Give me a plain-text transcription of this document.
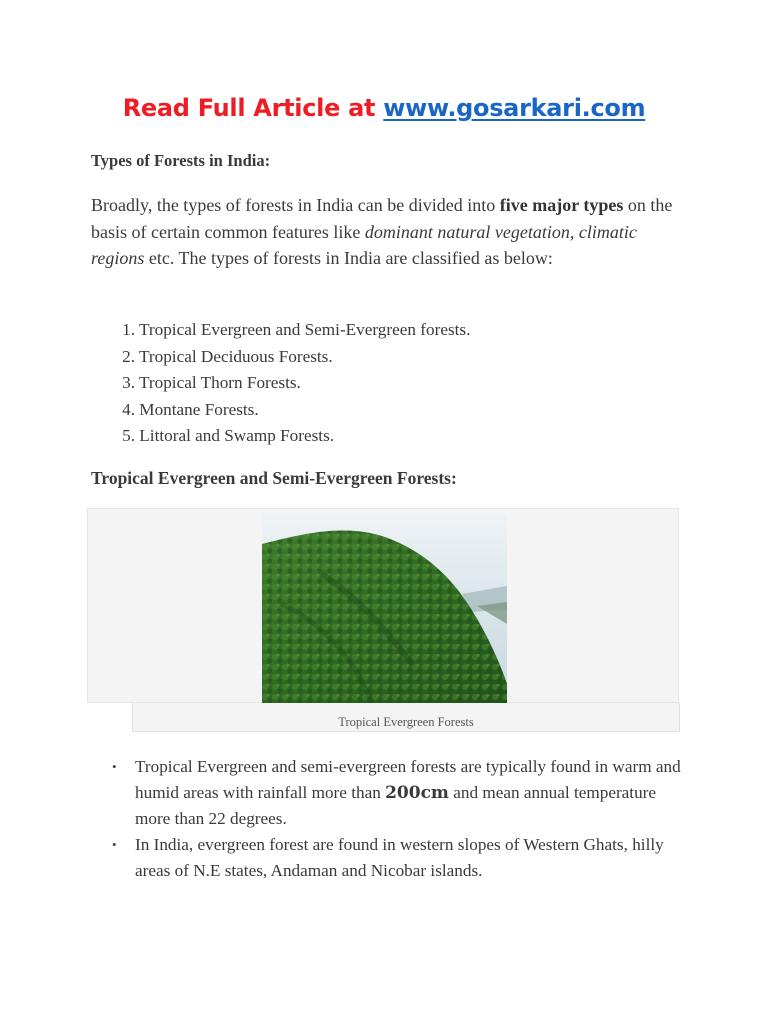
Read Full Article at www.gosarkari.com
Types of Forests in India:
Broadly, the types of forests in India can be divided into five major types on the basis of certain common features like dominant natural vegetation, climatic regions etc. The types of forests in India are classified as below:
1. Tropical Evergreen and Semi-Evergreen forests.
2. Tropical Deciduous Forests.
3. Tropical Thorn Forests.
4. Montane Forests.
5. Littoral and Swamp Forests.
Tropical Evergreen and Semi-Evergreen Forests:
Tropical Evergreen Forests
• Tropical Evergreen and semi-evergreen forests are typically found in warm and humid areas with rainfall more than 200cm and mean annual temperature more than 22 degrees.
• In India, evergreen forest are found in western slopes of Western Ghats, hilly areas of N.E states, Andaman and Nicobar islands.
